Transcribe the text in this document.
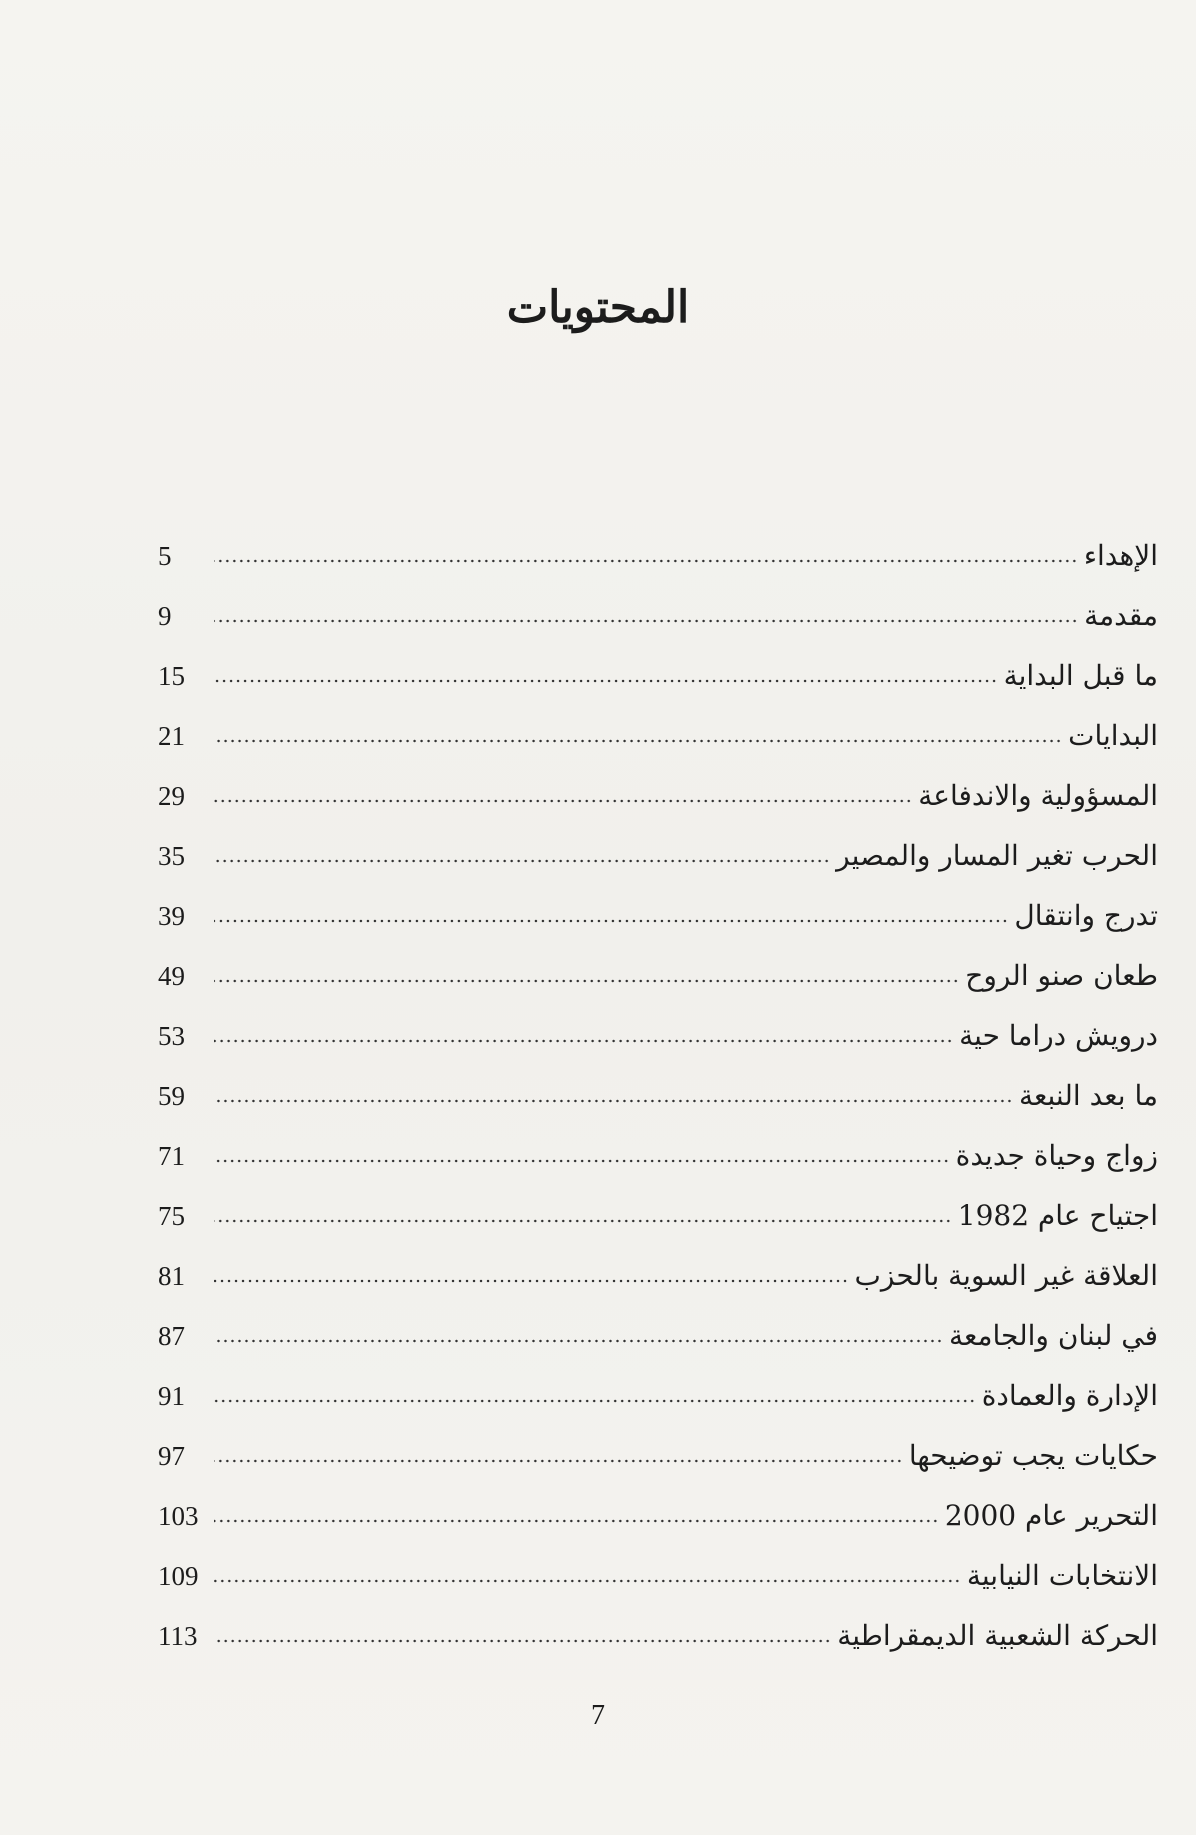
المحتويات
الإهداء
5
مقدمة
9
ما قبل البداية
15
البدايات
21
المسؤولية والاندفاعة
29
الحرب تغير المسار والمصير
35
تدرج وانتقال
39
طعان صنو الروح
49
درويش دراما حية
53
ما بعد النبعة
59
زواج وحياة جديدة
71
اجتياح عام 1982
75
العلاقة غير السوية بالحزب
81
في لبنان والجامعة
87
الإدارة والعمادة
91
حكايات يجب توضيحها
97
التحرير عام 2000
103
الانتخابات النيابية
109
الحركة الشعبية الديمقراطية
113
7
